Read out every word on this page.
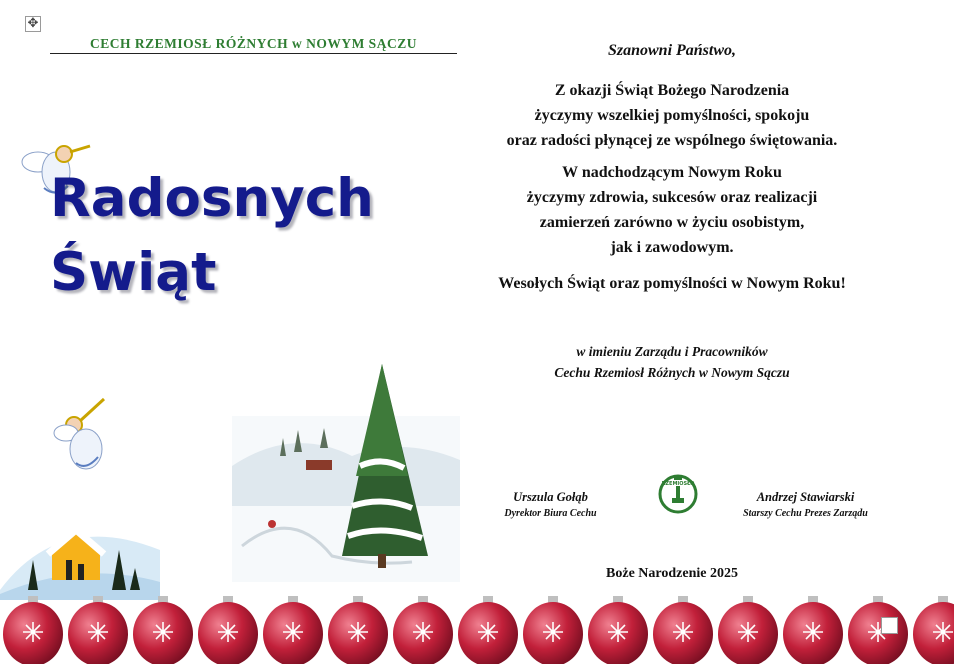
✥
CECH RZEMIOSŁ RÓŻNYCH w NOWYM SĄCZU
Radosnych
Świąt
Szanowni Państwo,
Z okazji Świąt Bożego Narodzenia
życzymy wszelkiej pomyślności, spokoju
oraz radości płynącej ze wspólnego świętowania.
W nadchodzącym Nowym Roku
życzymy zdrowia, sukcesów oraz realizacji
zamierzeń zarówno w życiu osobistym,
jak i zawodowym.
Wesołych Świąt oraz pomyślności w Nowym Roku!
w imieniu Zarządu i Pracowników
Cechu Rzemiosł Różnych w Nowym Sączu
Urszula Gołąb
Dyrektor Biura Cechu
RZEMIOSŁO
Andrzej Stawiarski
Starszy Cechu Prezes Zarządu
Boże Narodzenie 2025
